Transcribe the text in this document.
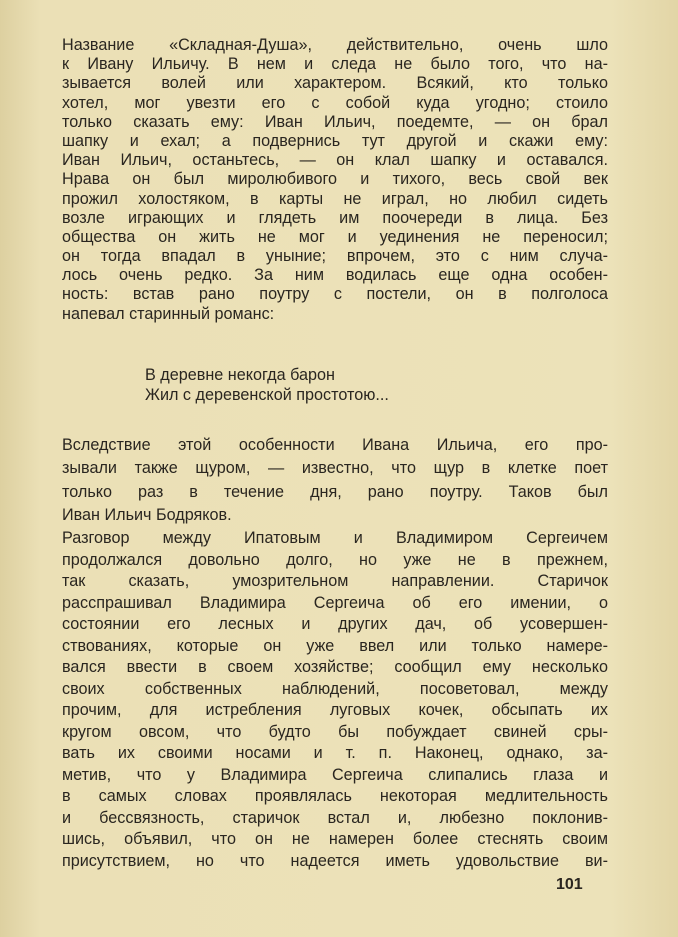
Название «Складная-Душа», действительно, очень шло
к Ивану Ильичу. В нем и следа не было того, что на-
зывается волей или характером. Всякий, кто только
хотел, мог увезти его с собой куда угодно; стоило
только сказать ему: Иван Ильич, поедемте, — он брал
шапку и ехал; а подвернись тут другой и скажи ему:
Иван Ильич, останьтесь, — он клал шапку и оставался.
Нрава он был миролюбивого и тихого, весь свой век
прожил холостяком, в карты не играл, но любил сидеть
возле играющих и глядеть им поочереди в лица. Без
общества он жить не мог и уединения не переносил;
он тогда впадал в уныние; впрочем, это с ним случа-
лось очень редко. За ним водилась еще одна особен-
ность: встав рано поутру с постели, он в полголоса
напевал старинный романс:
В деревне некогда барон
Жил с деревенской простотою...
Вследствие этой особенности Ивана Ильича, его про-
зывали также щуром, — известно, что щур в клетке поет
только раз в течение дня, рано поутру. Таков был
Иван Ильич Бодряков.
Разговор между Ипатовым и Владимиром Сергеичем
продолжался довольно долго, но уже не в прежнем,
так сказать, умозрительном направлении. Старичок
расспрашивал Владимира Сергеича об его имении, о
состоянии его лесных и других дач, об усовершен-
ствованиях, которые он уже ввел или только намере-
вался ввести в своем хозяйстве; сообщил ему несколько
своих собственных наблюдений, посоветовал, между
прочим, для истребления луговых кочек, обсыпать их
кругом овсом, что будто бы побуждает свиней сры-
вать их своими носами и т. п. Наконец, однако, за-
метив, что у Владимира Сергеича слипались глаза и
в самых словах проявлялась некоторая медлительность
и бессвязность, старичок встал и, любезно поклонив-
шись, объявил, что он не намерен более стеснять своим
присутствием, но что надеется иметь удовольствие ви-
101
